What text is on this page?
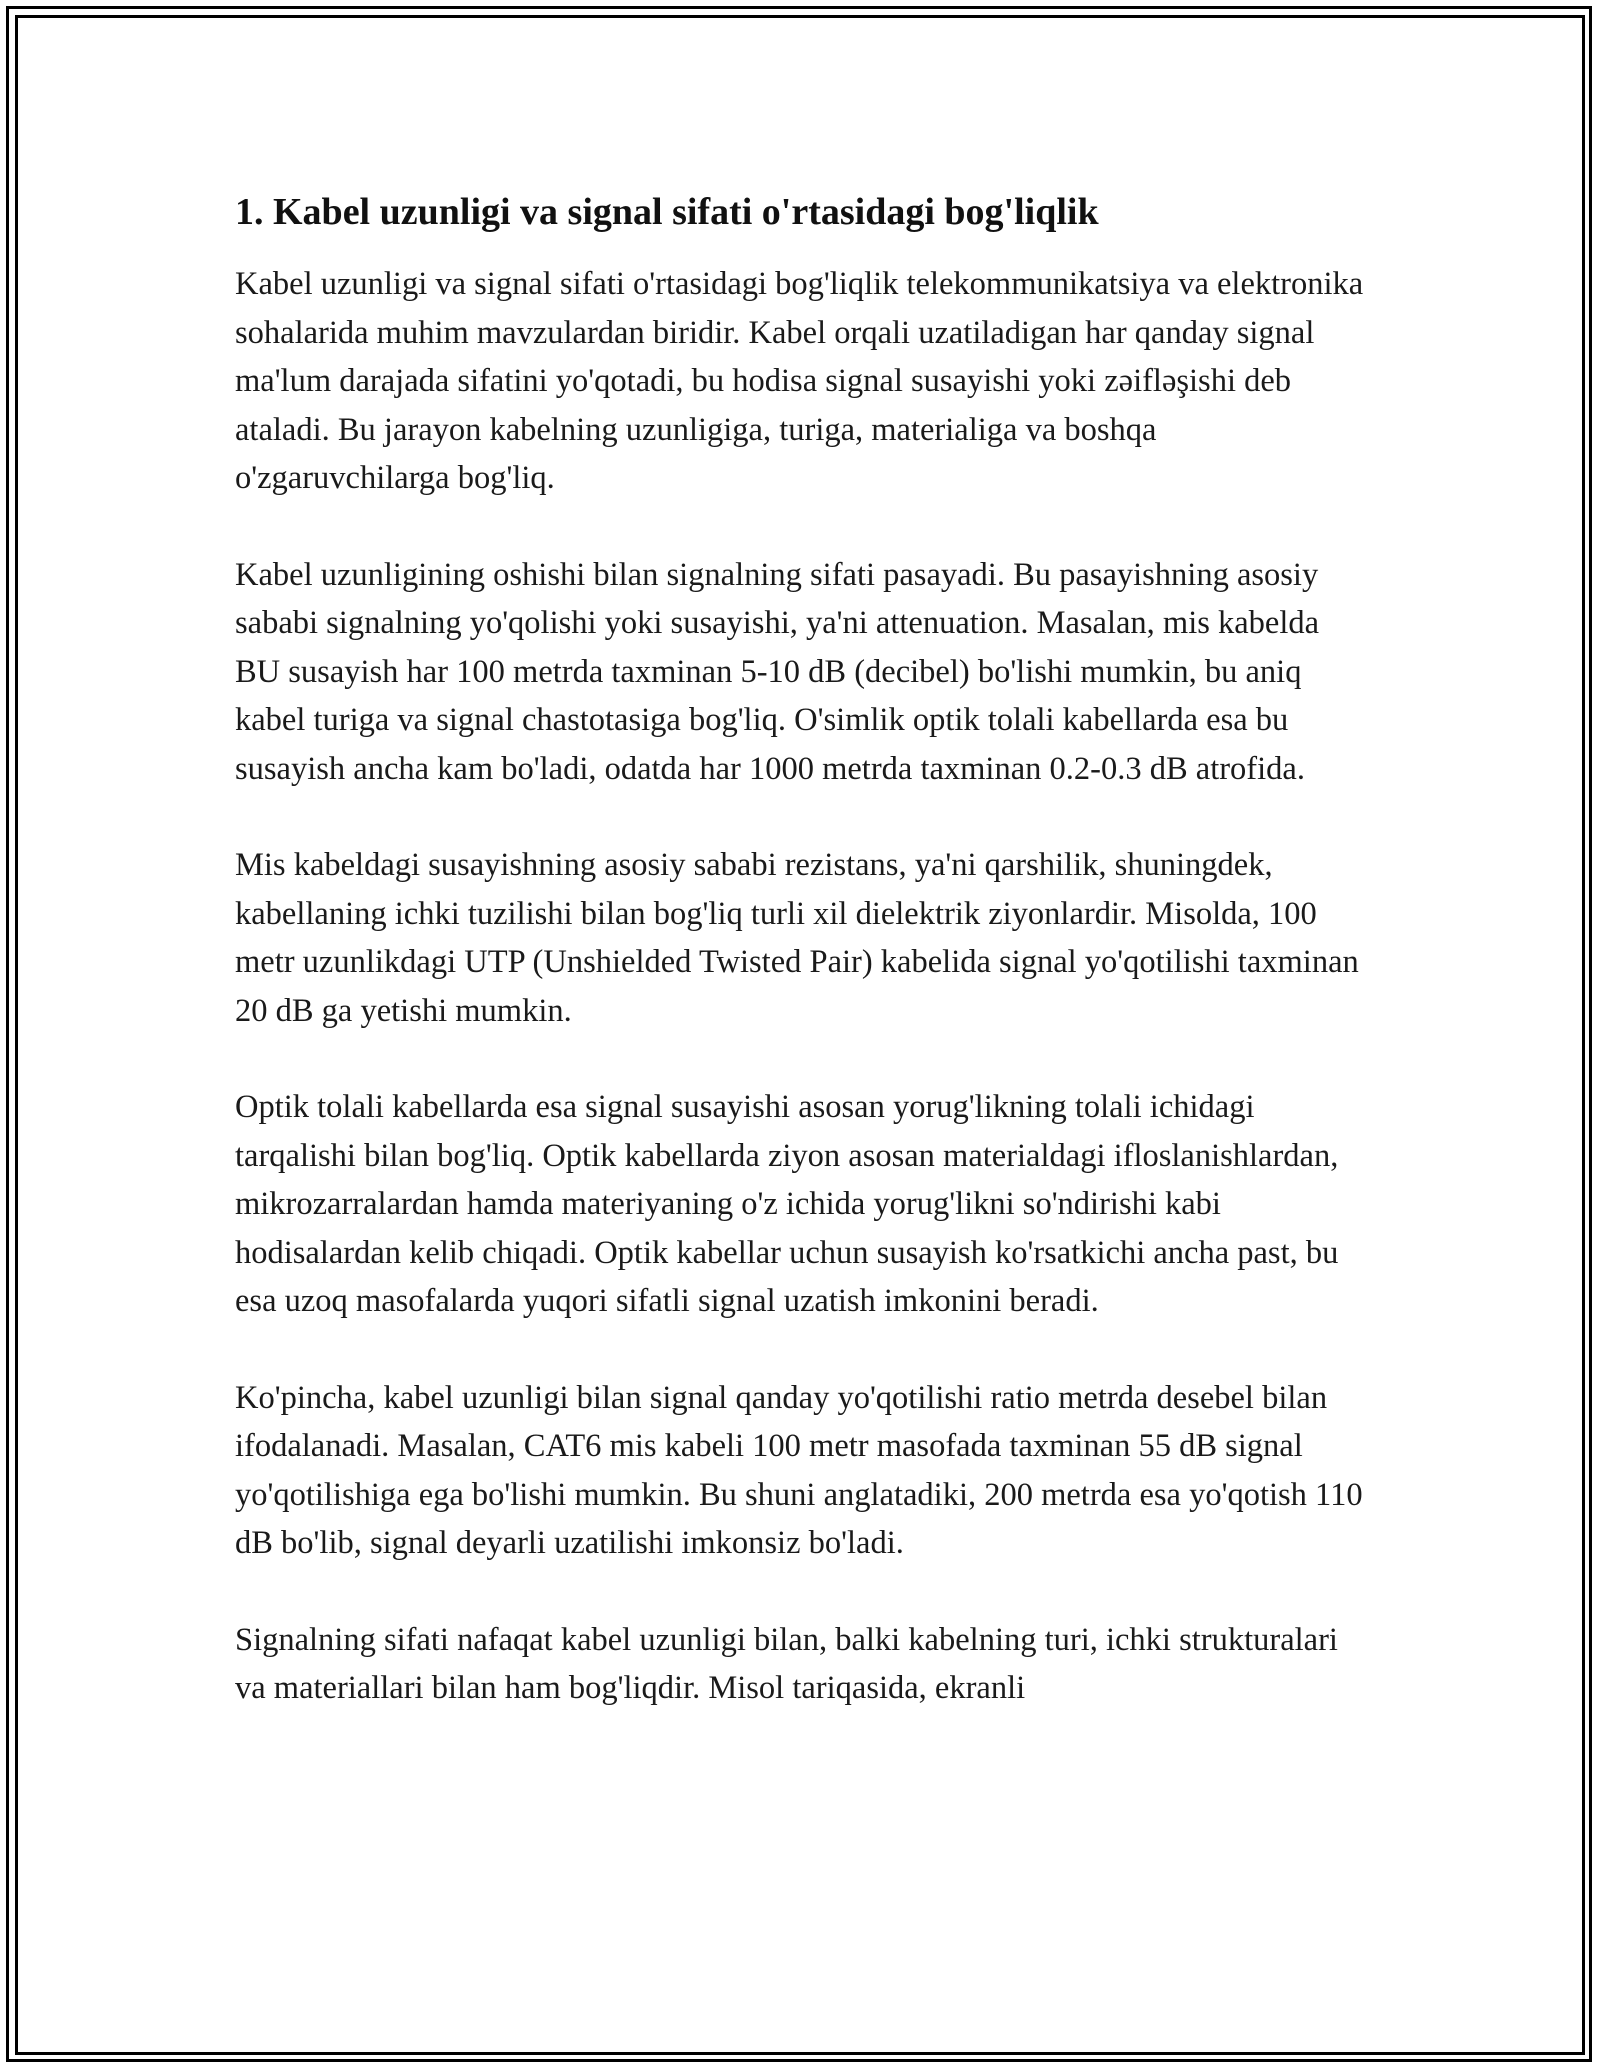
1. Kabel uzunligi va signal sifati o'rtasidagi bog'liqlik

Kabel uzunligi va signal sifati o'rtasidagi bog'liqlik telekommunikatsiya va elektronika sohalarida muhim mavzulardan biridir. Kabel orqali uzatiladigan har qanday signal ma'lum darajada sifatini yo'qotadi, bu hodisa signal susayishi yoki zəifləşishi deb ataladi. Bu jarayon kabelning uzunligiga, turiga, materialiga va boshqa o'zgaruvchilarga bog'liq.

Kabel uzunligining oshishi bilan signalning sifati pasayadi. Bu pasayishning asosiy sababi signalning yo'qolishi yoki susayishi, ya'ni attenuation. Masalan, mis kabelda BU susayish har 100 metrda taxminan 5-10 dB (decibel) bo'lishi mumkin, bu aniq kabel turiga va signal chastotasiga bog'liq. O'simlik optik tolali kabellarda esa bu susayish ancha kam bo'ladi, odatda har 1000 metrda taxminan 0.2-0.3 dB atrofida.

Mis kabeldagi susayishning asosiy sababi rezistans, ya'ni qarshilik, shuningdek, kabellaning ichki tuzilishi bilan bog'liq turli xil dielektrik ziyonlardir. Misolda, 100 metr uzunlikdagi UTP (Unshielded Twisted Pair) kabelida signal yo'qotilishi taxminan 20 dB ga yetishi mumkin.

Optik tolali kabellarda esa signal susayishi asosan yorug'likning tolali ichidagi tarqalishi bilan bog'liq. Optik kabellarda ziyon asosan materialdagi ifloslanishlardan, mikrozarralardan hamda materiyaning o'z ichida yorug'likni so'ndirishi kabi hodisalardan kelib chiqadi. Optik kabellar uchun susayish ko'rsatkichi ancha past, bu esa uzoq masofalarda yuqori sifatli signal uzatish imkonini beradi.

Ko'pincha, kabel uzunligi bilan signal qanday yo'qotilishi ratio metrda desebel bilan ifodalanadi. Masalan, CAT6 mis kabeli 100 metr masofada taxminan 55 dB signal yo'qotilishiga ega bo'lishi mumkin. Bu shuni anglatadiki, 200 metrda esa yo'qotish 110 dB bo'lib, signal deyarli uzatilishi imkonsiz bo'ladi.

Signalning sifati nafaqat kabel uzunligi bilan, balki kabelning turi, ichki strukturalari va materiallari bilan ham bog'liqdir. Misol tariqasida, ekranli
